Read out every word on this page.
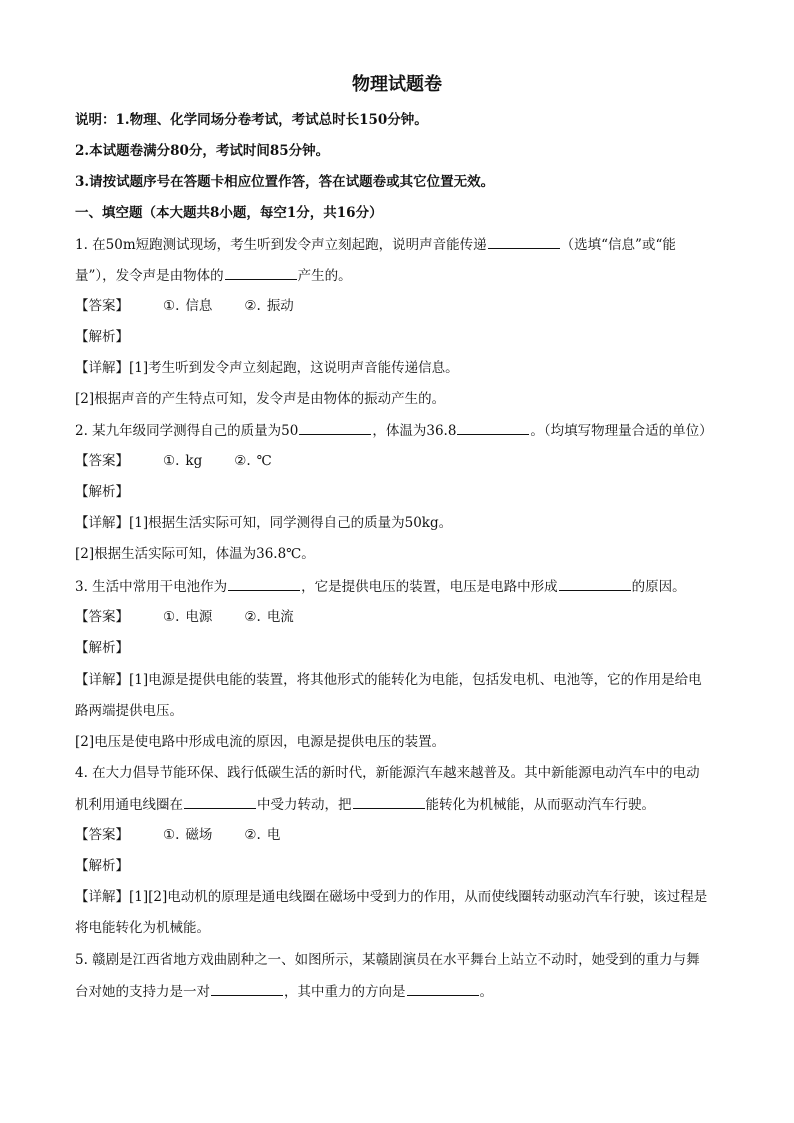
物理试题卷
说明：1.物理、化学同场分卷考试，考试总时长150分钟。
2.本试题卷满分80分，考试时间85分钟。
3.请按试题序号在答题卡相应位置作答，答在试题卷或其它位置无效。
一、填空题（本大题共8小题，每空1分，共16分）
1. 在50m短跑测试现场，考生听到发令声立刻起跑，说明声音能传递	（选填“信息”或“能
量”），发令声是由物体的	产生的。
【答案】	①. 信息 ②. 振动
【解析】
【详解】[1]考生听到发令声立刻起跑，这说明声音能传递信息。
[2]根据声音的产生特点可知，发令声是由物体的振动产生的。
2. 某九年级同学测得自己的质量为50	，体温为36.8	。（均填写物理量合适的单位）
【答案】	①. kg ②. ℃
【解析】
【详解】[1]根据生活实际可知，同学测得自己的质量为50kg。
[2]根据生活实际可知，体温为36.8℃。
3. 生活中常用干电池作为	，它是提供电压的装置，电压是电路中形成	的原因。
【答案】	①. 电源 ②. 电流
【解析】
【详解】[1]电源是提供电能的装置，将其他形式的能转化为电能，包括发电机、电池等，它的作用是给电
路两端提供电压。
[2]电压是使电路中形成电流的原因，电源是提供电压的装置。
4. 在大力倡导节能环保、践行低碳生活的新时代，新能源汽车越来越普及。其中新能源电动汽车中的电动
机利用通电线圈在	中受力转动，把	能转化为机械能，从而驱动汽车行驶。
【答案】	①. 磁场 ②. 电
【解析】
【详解】[1][2]电动机的原理是通电线圈在磁场中受到力的作用，从而使线圈转动驱动汽车行驶，该过程是
将电能转化为机械能。
5. 赣剧是江西省地方戏曲剧种之一、如图所示，某赣剧演员在水平舞台上站立不动时，她受到的重力与舞
台对她的支持力是一对	，其中重力的方向是	。
